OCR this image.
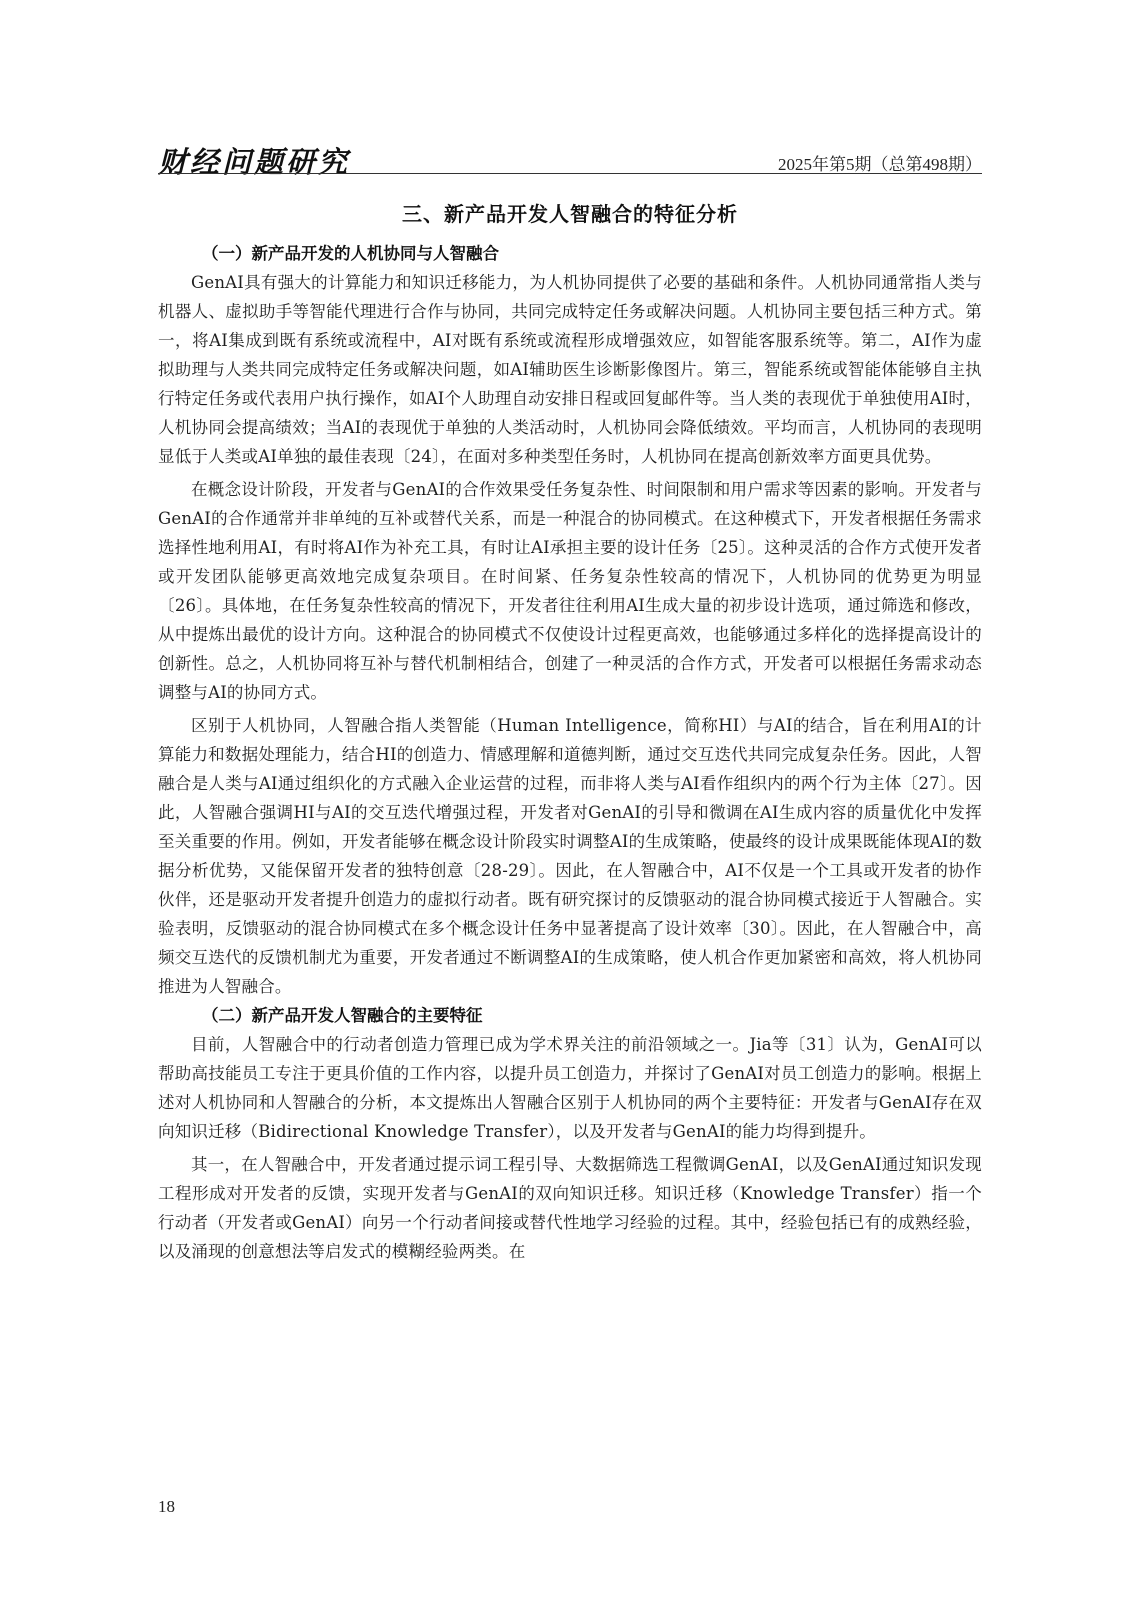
财经问题研究	2025年第5期（总第498期）
三、新产品开发人智融合的特征分析
（一）新产品开发的人机协同与人智融合

GenAI具有强大的计算能力和知识迁移能力，为人机协同提供了必要的基础和条件。人机协同通常指人类与机器人、虚拟助手等智能代理进行合作与协同，共同完成特定任务或解决问题。人机协同主要包括三种方式。第一，将AI集成到既有系统或流程中，AI对既有系统或流程形成增强效应，如智能客服系统等。第二，AI作为虚拟助理与人类共同完成特定任务或解决问题，如AI辅助医生诊断影像图片。第三，智能系统或智能体能够自主执行特定任务或代表用户执行操作，如AI个人助理自动安排日程或回复邮件等。当人类的表现优于单独使用AI时，人机协同会提高绩效；当AI的表现优于单独的人类活动时，人机协同会降低绩效。平均而言，人机协同的表现明显低于人类或AI单独的最佳表现〔24〕，在面对多种类型任务时，人机协同在提高创新效率方面更具优势。

在概念设计阶段，开发者与GenAI的合作效果受任务复杂性、时间限制和用户需求等因素的影响。开发者与GenAI的合作通常并非单纯的互补或替代关系，而是一种混合的协同模式。在这种模式下，开发者根据任务需求选择性地利用AI，有时将AI作为补充工具，有时让AI承担主要的设计任务〔25〕。这种灵活的合作方式使开发者或开发团队能够更高效地完成复杂项目。在时间紧、任务复杂性较高的情况下，人机协同的优势更为明显〔26〕。具体地，在任务复杂性较高的情况下，开发者往往利用AI生成大量的初步设计选项，通过筛选和修改，从中提炼出最优的设计方向。这种混合的协同模式不仅使设计过程更高效，也能够通过多样化的选择提高设计的创新性。总之，人机协同将互补与替代机制相结合，创建了一种灵活的合作方式，开发者可以根据任务需求动态调整与AI的协同方式。

区别于人机协同，人智融合指人类智能（Human Intelligence，简称HI）与AI的结合，旨在利用AI的计算能力和数据处理能力，结合HI的创造力、情感理解和道德判断，通过交互迭代共同完成复杂任务。因此，人智融合是人类与AI通过组织化的方式融入企业运营的过程，而非将人类与AI看作组织内的两个行为主体〔27〕。因此，人智融合强调HI与AI的交互迭代增强过程，开发者对GenAI的引导和微调在AI生成内容的质量优化中发挥至关重要的作用。例如，开发者能够在概念设计阶段实时调整AI的生成策略，使最终的设计成果既能体现AI的数据分析优势，又能保留开发者的独特创意〔28-29〕。因此，在人智融合中，AI不仅是一个工具或开发者的协作伙伴，还是驱动开发者提升创造力的虚拟行动者。既有研究探讨的反馈驱动的混合协同模式接近于人智融合。实验表明，反馈驱动的混合协同模式在多个概念设计任务中显著提高了设计效率〔30〕。因此，在人智融合中，高频交互迭代的反馈机制尤为重要，开发者通过不断调整AI的生成策略，使人机合作更加紧密和高效，将人机协同推进为人智融合。

（二）新产品开发人智融合的主要特征

目前，人智融合中的行动者创造力管理已成为学术界关注的前沿领域之一。Jia等〔31〕认为，GenAI可以帮助高技能员工专注于更具价值的工作内容，以提升员工创造力，并探讨了GenAI对员工创造力的影响。根据上述对人机协同和人智融合的分析，本文提炼出人智融合区别于人机协同的两个主要特征：开发者与GenAI存在双向知识迁移（Bidirectional Knowledge Transfer），以及开发者与GenAI的能力均得到提升。

其一，在人智融合中，开发者通过提示词工程引导、大数据筛选工程微调GenAI，以及GenAI通过知识发现工程形成对开发者的反馈，实现开发者与GenAI的双向知识迁移。知识迁移（Knowledge Transfer）指一个行动者（开发者或GenAI）向另一个行动者间接或替代性地学习经验的过程。其中，经验包括已有的成熟经验，以及涌现的创意想法等启发式的模糊经验两类。在

18
